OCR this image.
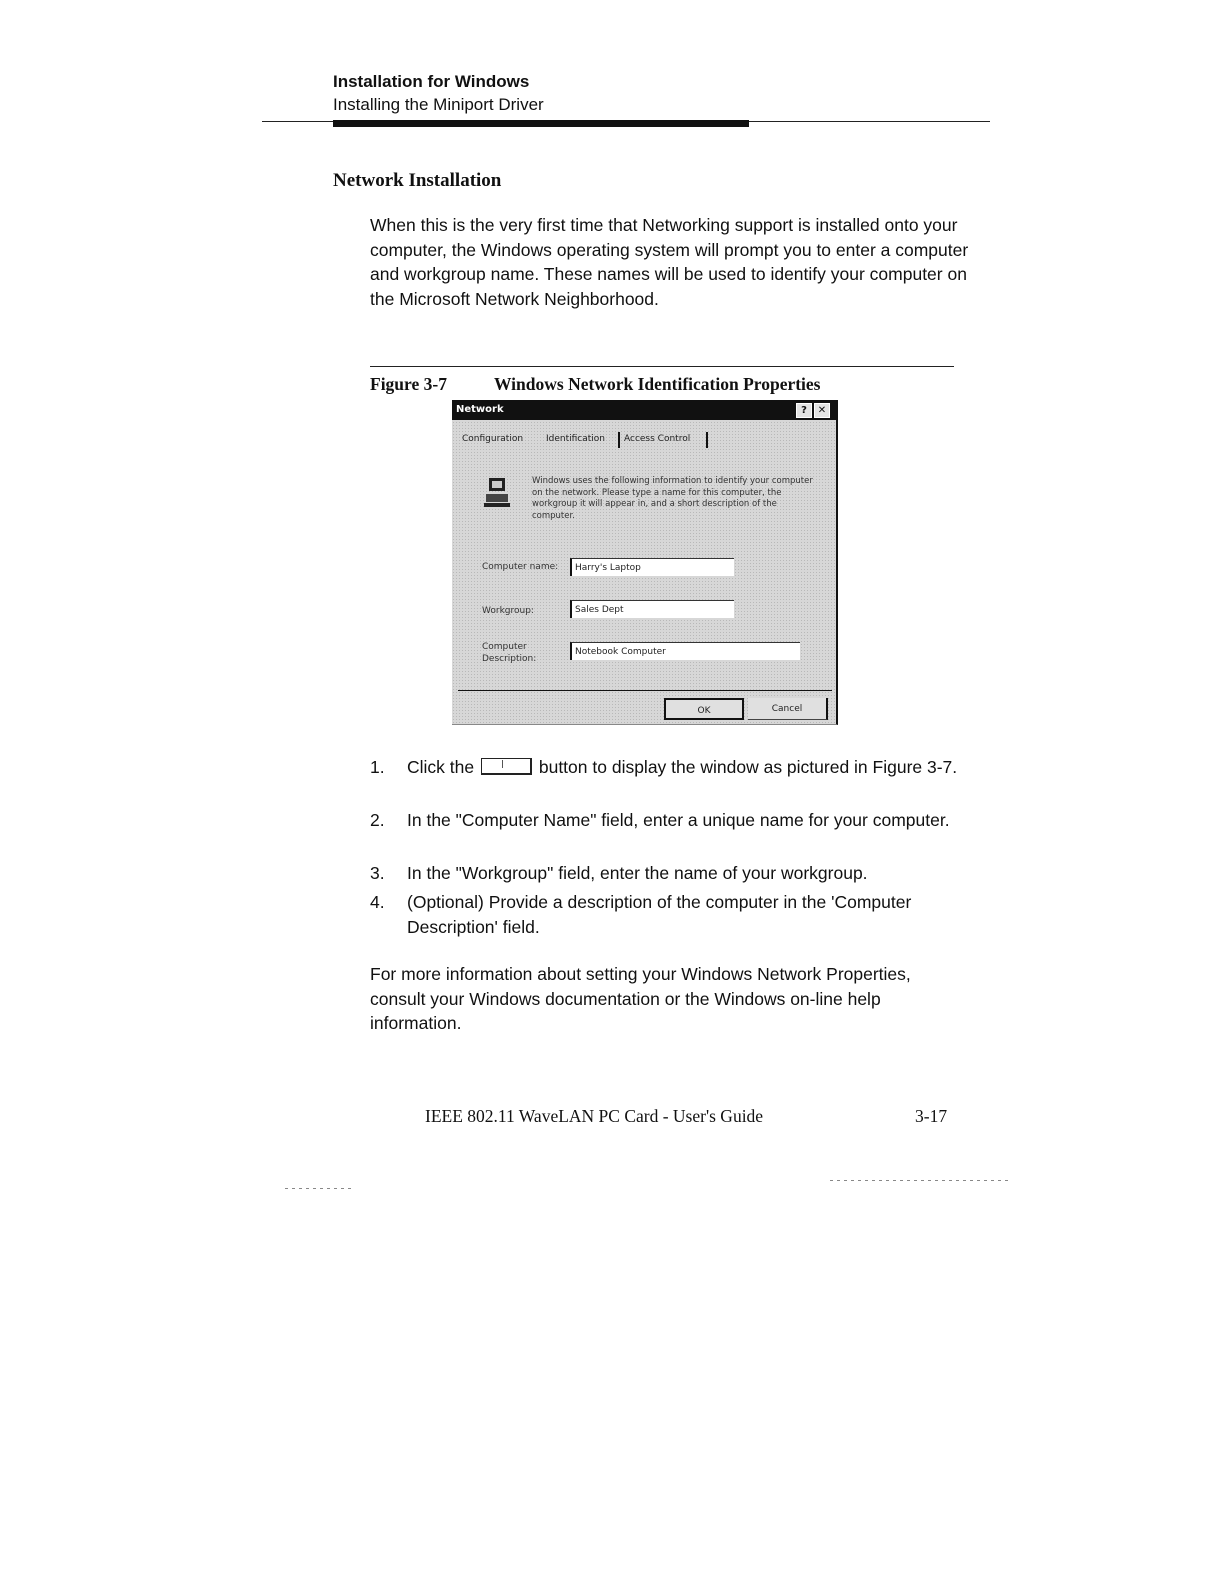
Installation for Windows
Installing the Miniport Driver
Network Installation
When this is the very first time that Networking support is installed onto your computer, the Windows operating system will prompt you to enter a computer and workgroup name. These names will be used to identify your computer on the Microsoft Network Neighborhood.
Figure 3-7	Windows Network Identification Properties
Network	?	✕
Configuration	Identification Access Control
Windows uses the following information to identify your computer on the network. Please type a name for this computer, the workgroup it will appear in, and a short description of the computer.
Computer name:	Harry's Laptop
Workgroup:	Sales Dept
Computer
Description:
Notebook Computer
OK	Cancel
1. Click the	button to display the window as pictured in Figure 3-7.
2. In the "Computer Name" field, enter a unique name for your computer.
3. In the "Workgroup" field, enter the name of your workgroup.
4. (Optional) Provide a description of the computer in the 'Computer Description' field.
For more information about setting your Windows Network Properties, consult your Windows documentation or the Windows on-line help information.
IEEE 802.11 WaveLAN PC Card - User's Guide	3-17
